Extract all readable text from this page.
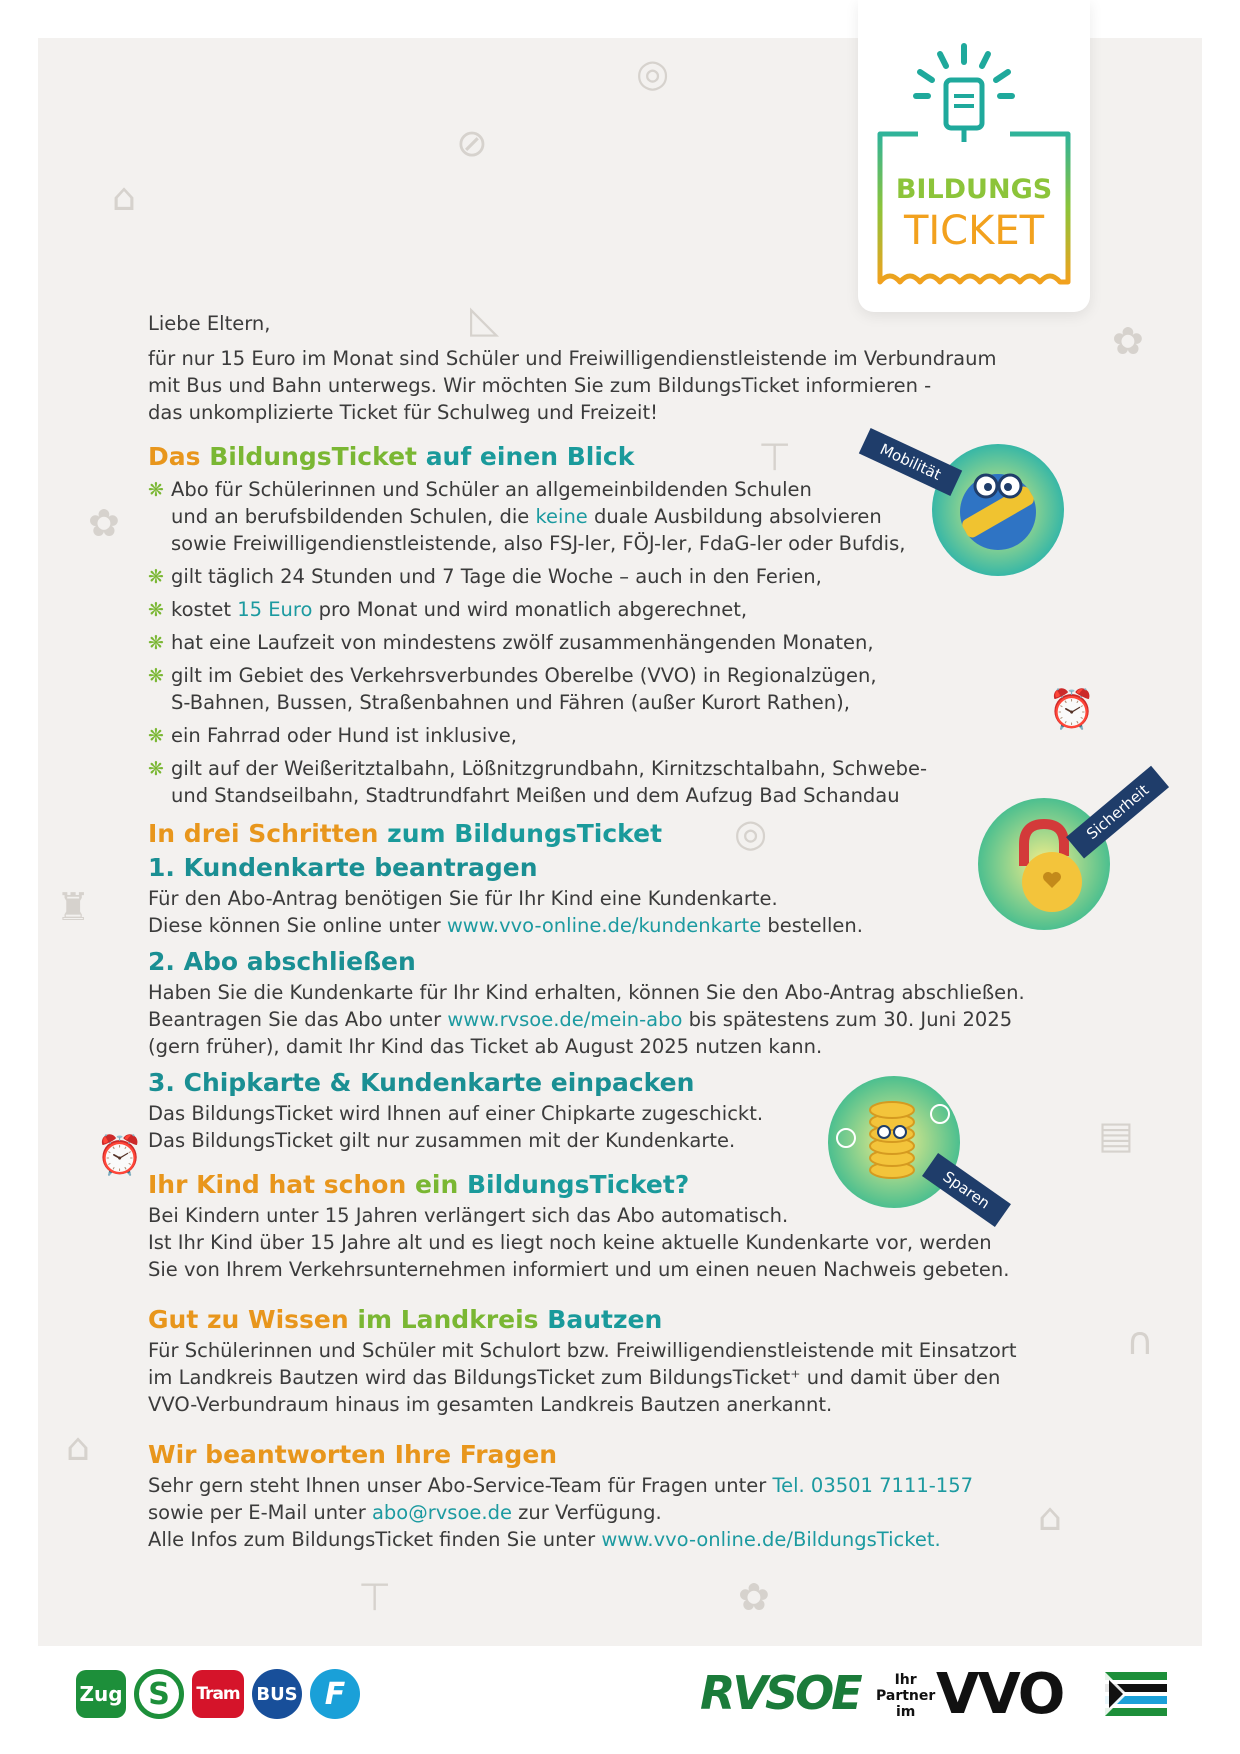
◎
⊘
⌂
◺	✿
⊤
✿
⏰
◎
♜
⏰	▤
∩
⌂
⌂
✿
⊤
BILDUNGS
TICKET
Mobilität
Sicherheit
Sparen
Liebe Eltern,
für nur 15 Euro im Monat sind Schüler und Freiwilligendienstleistende im Verbundraum
mit Bus und Bahn unterwegs. Wir möchten Sie zum BildungsTicket informieren -
das unkomplizierte Ticket für Schulweg und Freizeit!
Das BildungsTicket auf einen Blick
❋ Abo für Schülerinnen und Schüler an allgemeinbildenden Schulen
und an berufsbildenden Schulen, die keine duale Ausbildung absolvieren
sowie Freiwilligendienstleistende, also FSJ-ler, FÖJ-ler, FdaG-ler oder Bufdis,
❋ gilt täglich 24 Stunden und 7 Tage die Woche – auch in den Ferien,
❋ kostet 15 Euro pro Monat und wird monatlich abgerechnet,
❋ hat eine Laufzeit von mindestens zwölf zusammenhängenden Monaten,
❋ gilt im Gebiet des Verkehrsverbundes Oberelbe (VVO) in Regionalzügen,
S-Bahnen, Bussen, Straßenbahnen und Fähren (außer Kurort Rathen),
❋ ein Fahrrad oder Hund ist inklusive,
❋ gilt auf der Weißeritztalbahn, Lößnitzgrundbahn, Kirnitzschtalbahn, Schwebe-
und Standseilbahn, Stadtrundfahrt Meißen und dem Aufzug Bad Schandau
In drei Schritten zum BildungsTicket
1. Kundenkarte beantragen
Für den Abo-Antrag benötigen Sie für Ihr Kind eine Kundenkarte.
Diese können Sie online unter www.vvo-online.de/kundenkarte bestellen.
2. Abo abschließen
Haben Sie die Kundenkarte für Ihr Kind erhalten, können Sie den Abo-Antrag abschließen.
Beantragen Sie das Abo unter www.rvsoe.de/mein-abo bis spätestens zum 30. Juni 2025
(gern früher), damit Ihr Kind das Ticket ab August 2025 nutzen kann.
3. Chipkarte & Kundenkarte einpacken
Das BildungsTicket wird Ihnen auf einer Chipkarte zugeschickt.
Das BildungsTicket gilt nur zusammen mit der Kundenkarte.
Ihr Kind hat schon ein BildungsTicket?
Bei Kindern unter 15 Jahren verlängert sich das Abo automatisch.
Ist Ihr Kind über 15 Jahre alt und es liegt noch keine aktuelle Kundenkarte vor, werden
Sie von Ihrem Verkehrsunternehmen informiert und um einen neuen Nachweis gebeten.
Gut zu Wissen im Landkreis Bautzen
Für Schülerinnen und Schüler mit Schulort bzw. Freiwilligendienstleistende mit Einsatzort
im Landkreis Bautzen wird das BildungsTicket zum BildungsTicket⁺ und damit über den
VVO-Verbundraum hinaus im gesamten Landkreis Bautzen anerkannt.
Wir beantworten Ihre Fragen
Sehr gern steht Ihnen unser Abo-Service-Team für Fragen unter Tel. 03501 7111-157
sowie per E-Mail unter abo@rvsoe.de zur Verfügung.
Alle Infos zum BildungsTicket finden Sie unter www.vvo-online.de/BildungsTicket.
Zug S	Tram BUS F	RVSOE	Ihr
Partner
im VVO
